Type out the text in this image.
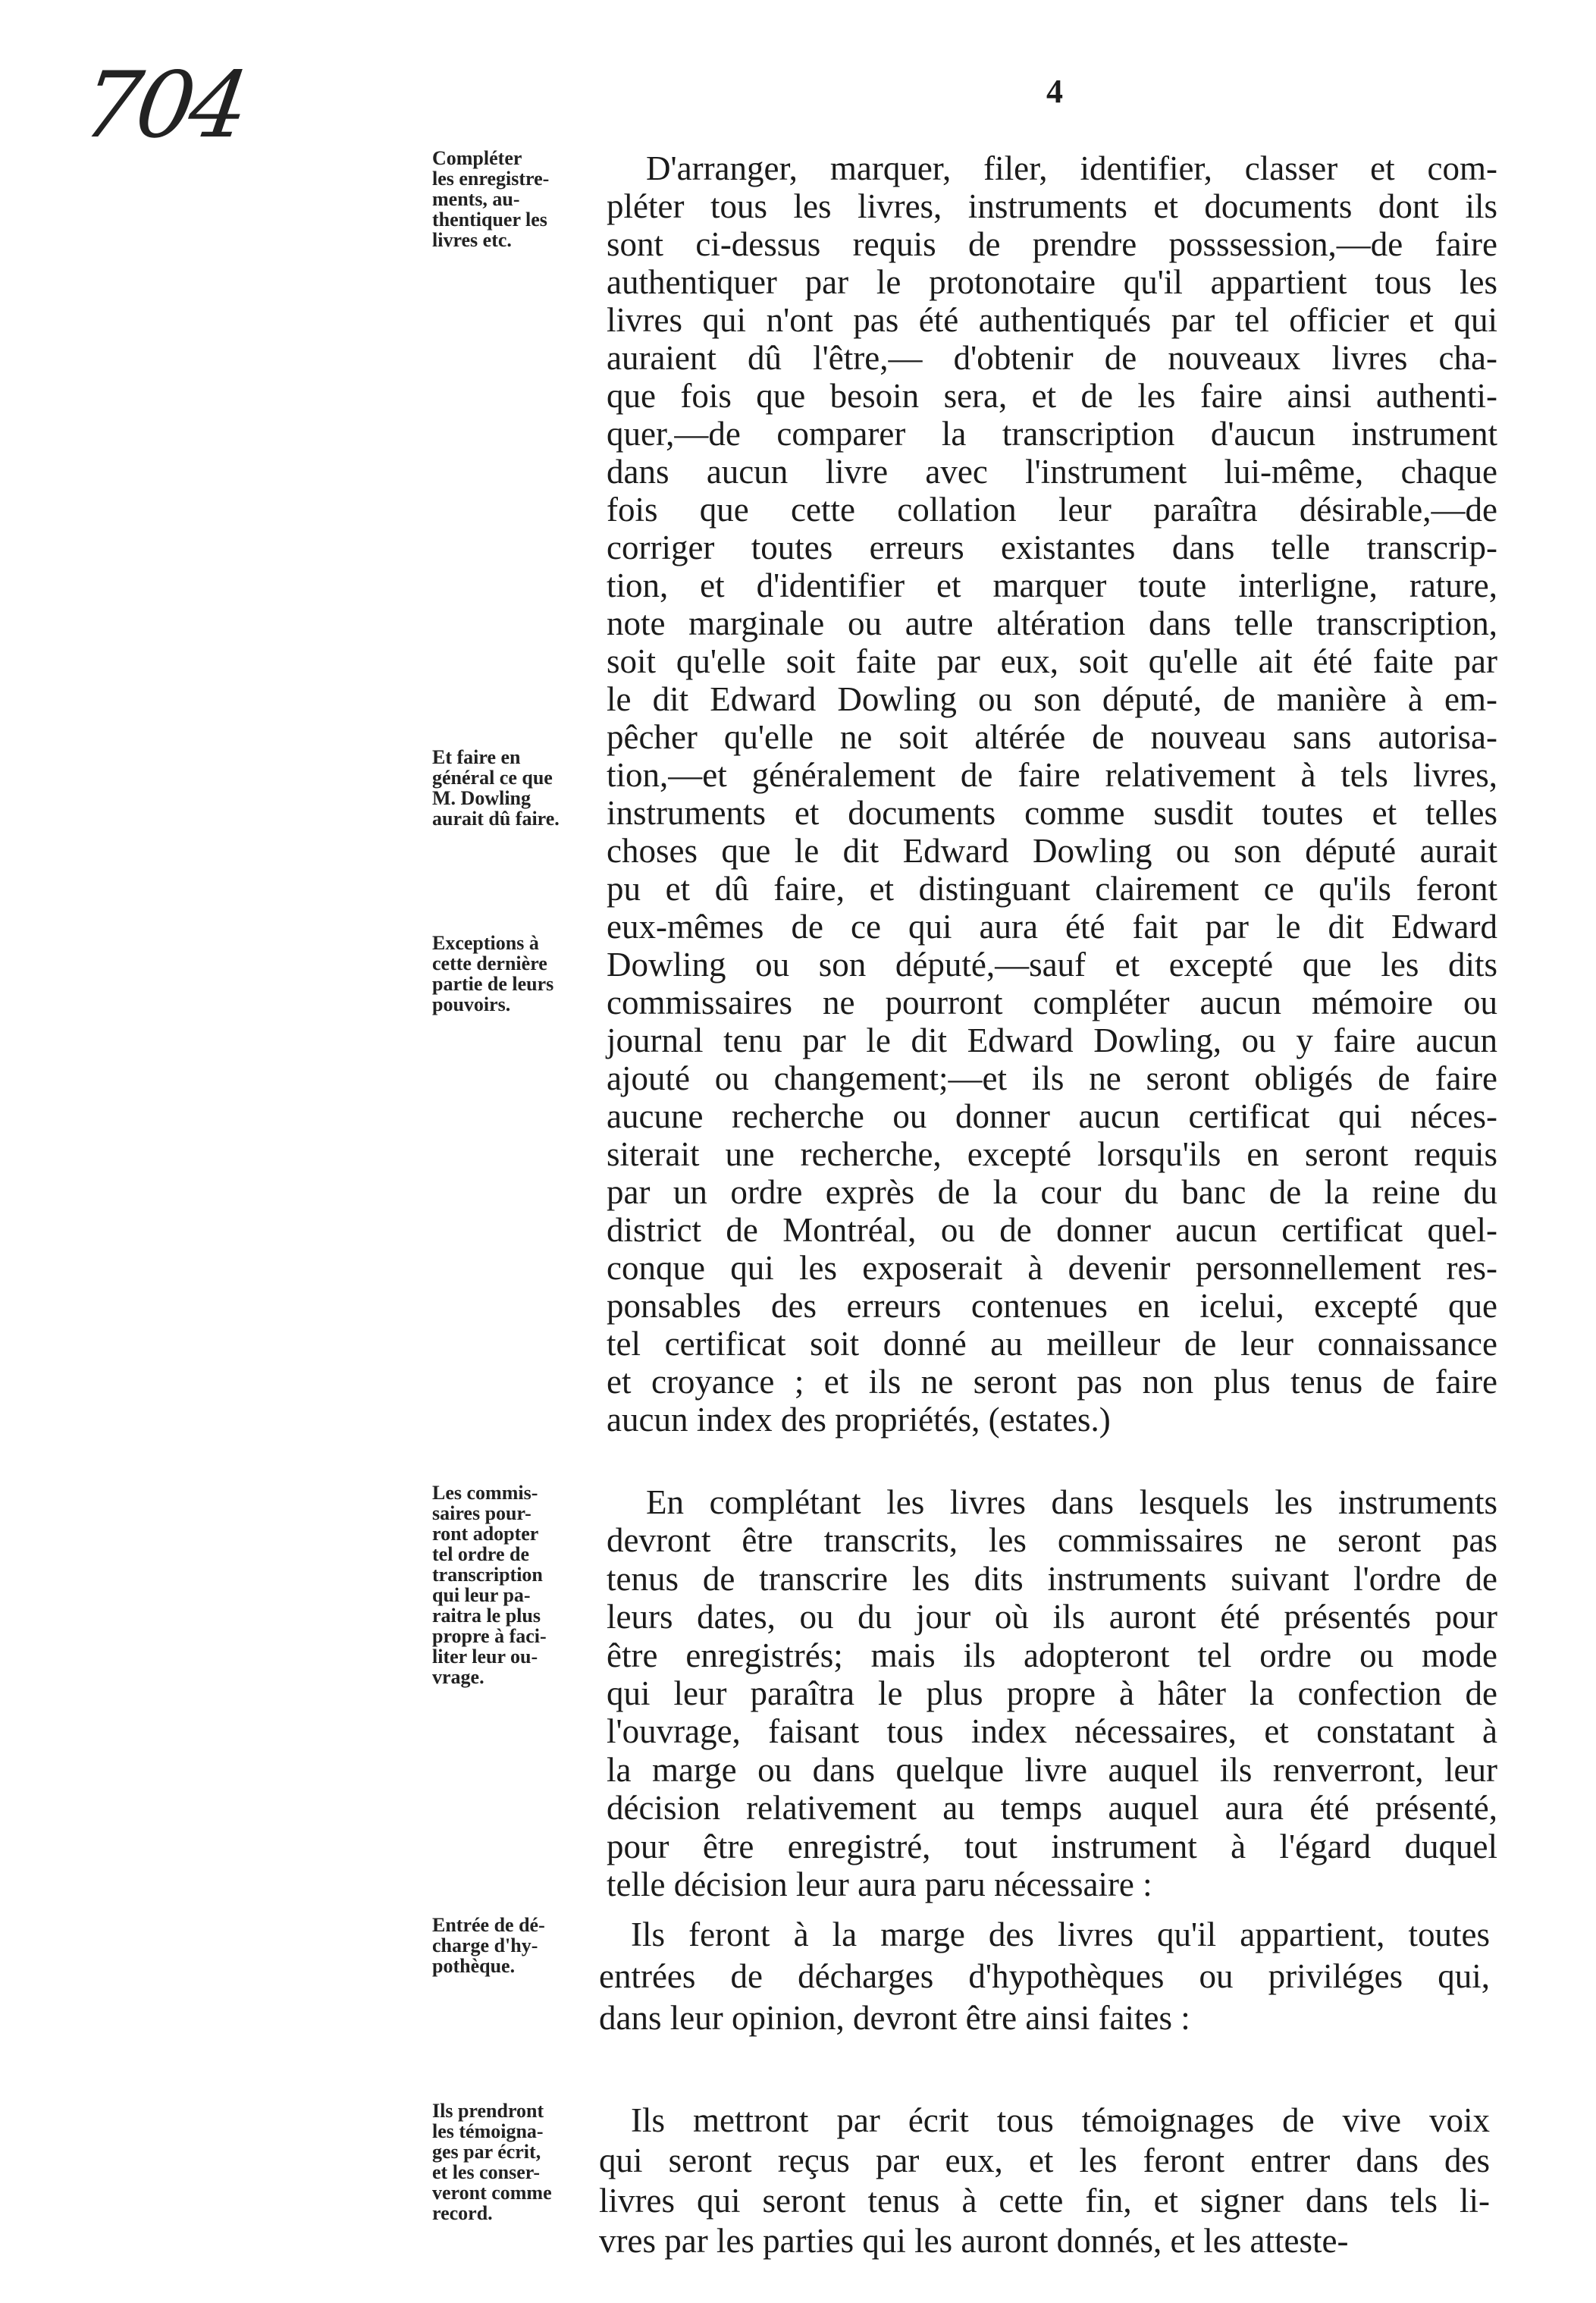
704	4
Compléter
les enregistre-
ments, au-
thentiquer les
livres etc.
Et faire en
général ce que
M. Dowling
aurait dû faire.
Exceptions à
cette dernière
partie de leurs
pouvoirs.
Les commis-
saires pour-
ront adopter
tel ordre de
transcription
qui leur pa-
raitra le plus
propre à faci-
liter leur ou-
vrage.
Entrée de dé-
charge d'hy-
pothèque.
Ils prendront
les témoigna-
ges par écrit,
et les conser-
veront comme
record.
D'arranger, marquer, filer, identifier, classer et com-
pléter tous les livres, instruments et documents dont ils
sont ci-dessus requis de prendre posssession,—de faire
authentiquer par le protonotaire qu'il appartient tous les
livres qui n'ont pas été authentiqués par tel officier et qui
auraient dû l'être,— d'obtenir de nouveaux livres cha-
que fois que besoin sera, et de les faire ainsi authenti-
quer,—de comparer la transcription d'aucun instrument
dans aucun livre avec l'instrument lui-même, chaque
fois que cette collation leur paraîtra désirable,—de
corriger toutes erreurs existantes dans telle transcrip-
tion, et d'identifier et marquer toute interligne, rature,
note marginale ou autre altération dans telle transcription,
soit qu'elle soit faite par eux, soit qu'elle ait été faite par
le dit Edward Dowling ou son député, de manière à em-
pêcher qu'elle ne soit altérée de nouveau sans autorisa-
tion,—et généralement de faire relativement à tels livres,
instruments et documents comme susdit toutes et telles
choses que le dit Edward Dowling ou son député aurait
pu et dû faire, et distinguant clairement ce qu'ils feront
eux-mêmes de ce qui aura été fait par le dit Edward
Dowling ou son député,—sauf et excepté que les dits
commissaires ne pourront compléter aucun mémoire ou
journal tenu par le dit Edward Dowling, ou y faire aucun
ajouté ou changement;—et ils ne seront obligés de faire
aucune recherche ou donner aucun certificat qui néces-
siterait une recherche, excepté lorsqu'ils en seront requis
par un ordre exprès de la cour du banc de la reine du
district de Montréal, ou de donner aucun certificat quel-
conque qui les exposerait à devenir personnellement res-
ponsables des erreurs contenues en icelui, excepté que
tel certificat soit donné au meilleur de leur connaissance
et croyance ; et ils ne seront pas non plus tenus de faire
aucun index des propriétés, (estates.)
En complétant les livres dans lesquels les instruments
devront être transcrits, les commissaires ne seront pas
tenus de transcrire les dits instruments suivant l'ordre de
leurs dates, ou du jour où ils auront été présentés pour
être enregistrés; mais ils adopteront tel ordre ou mode
qui leur paraîtra le plus propre à hâter la confection de
l'ouvrage, faisant tous index nécessaires, et constatant à
la marge ou dans quelque livre auquel ils renverront, leur
décision relativement au temps auquel aura été présenté,
pour être enregistré, tout instrument à l'égard duquel
telle décision leur aura paru nécessaire :
Ils feront à la marge des livres qu'il appartient, toutes
entrées de décharges d'hypothèques ou priviléges qui,
dans leur opinion, devront être ainsi faites :
Ils mettront par écrit tous témoignages de vive voix
qui seront reçus par eux, et les feront entrer dans des
livres qui seront tenus à cette fin, et signer dans tels li-
vres par les parties qui les auront donnés, et les atteste-
